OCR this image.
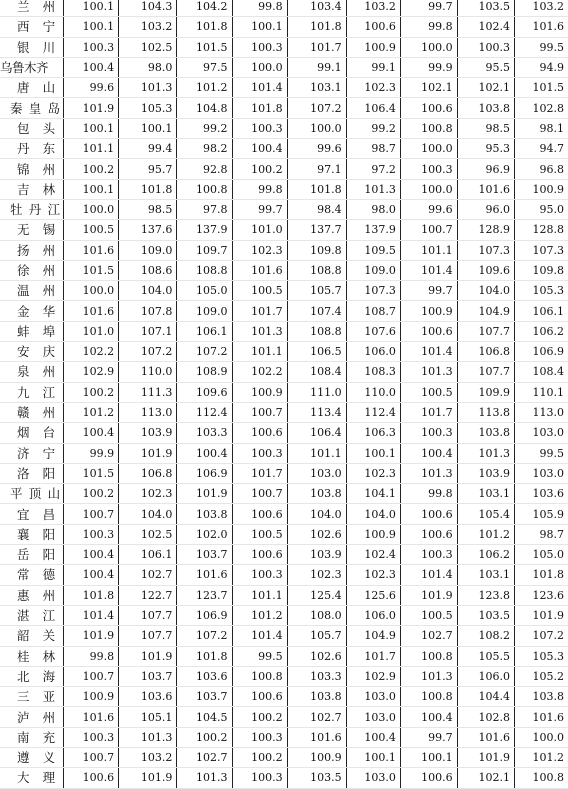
兰 州	100.1	104.3	104.2	99.8	103.4	103.2	99.7	103.5	103.2
西 宁	100.1	103.2	101.8	100.1	101.8	100.6	99.8	102.4	101.6
银 川	100.3	102.5	101.5	100.3	101.7	100.9	100.0	100.3	99.5
乌鲁木齐	100.4	98.0	97.5	100.0	99.1	99.1	99.9	95.5	94.9
唐 山	99.6	101.3	101.2	101.4	103.1	102.3	102.1	102.1	101.5
秦皇岛	101.9	105.3	104.8	101.8	107.2	106.4	100.6	103.8	102.8
包 头	100.1	100.1	99.2	100.3	100.0	99.2	100.8	98.5	98.1
丹 东	101.1	99.4	98.2	100.4	99.6	98.7	100.0	95.3	94.7
锦 州	100.2	95.7	92.8	100.2	97.1	97.2	100.3	96.9	96.8
吉 林	100.1	101.8	100.8	99.8	101.8	101.3	100.0	101.6	100.9
牡丹江	100.0	98.5	97.8	99.7	98.4	98.0	99.6	96.0	95.0
无 锡	100.5	137.6	137.9	101.0	137.7	137.9	100.7	128.9	128.8
扬 州	101.6	109.0	109.7	102.3	109.8	109.5	101.1	107.3	107.3
徐 州	101.5	108.6	108.8	101.6	108.8	109.0	101.4	109.6	109.8
温 州	100.0	104.0	105.0	100.5	105.7	107.3	99.7	104.0	105.3
金 华	101.6	107.8	109.0	101.7	107.4	108.7	100.9	104.9	106.1
蚌 埠	101.0	107.1	106.1	101.3	108.8	107.6	100.6	107.7	106.2
安 庆	102.2	107.2	107.2	101.1	106.5	106.0	101.4	106.8	106.9
泉 州	102.9	110.0	108.9	102.2	108.4	108.3	101.3	107.7	108.4
九 江	100.2	111.3	109.6	100.9	111.0	110.0	100.5	109.9	110.1
赣 州	101.2	113.0	112.4	100.7	113.4	112.4	101.7	113.8	113.0
烟 台	100.4	103.9	103.3	100.6	106.4	106.3	100.3	103.8	103.0
济 宁	99.9	101.9	100.4	100.3	101.1	100.1	100.4	101.3	99.5
洛 阳	101.5	106.8	106.9	101.7	103.0	102.3	101.3	103.9	103.0
平顶山	100.2	102.3	101.9	100.7	103.8	104.1	99.8	103.1	103.6
宜 昌	100.7	104.0	103.8	100.6	104.0	104.0	100.6	105.4	105.9
襄 阳	100.3	102.5	102.0	100.5	102.6	100.9	100.6	101.2	98.7
岳 阳	100.4	106.1	103.7	100.6	103.9	102.4	100.3	106.2	105.0
常 德	100.4	102.7	101.6	100.3	102.3	102.3	101.4	103.1	101.8
惠 州	101.8	122.7	123.7	101.1	125.4	125.6	101.9	123.8	123.6
湛 江	101.4	107.7	106.9	101.2	108.0	106.0	100.5	103.5	101.9
韶 关	101.9	107.7	107.2	101.4	105.7	104.9	102.7	108.2	107.2
桂 林	99.8	101.9	101.8	99.5	102.6	101.7	100.8	105.5	105.3
北 海	100.7	103.7	103.6	100.8	103.3	102.9	101.3	106.0	105.2
三 亚	100.9	103.6	103.7	100.6	103.8	103.0	100.8	104.4	103.8
泸 州	101.6	105.1	104.5	100.2	102.7	103.0	100.4	102.8	101.6
南 充	100.3	101.3	100.2	100.3	101.6	100.4	99.7	101.6	100.0
遵 义	100.7	103.2	102.7	100.2	100.9	100.1	100.1	101.9	101.2
大 理	100.6	101.9	101.3	100.3	103.5	103.0	100.6	102.1	100.8
